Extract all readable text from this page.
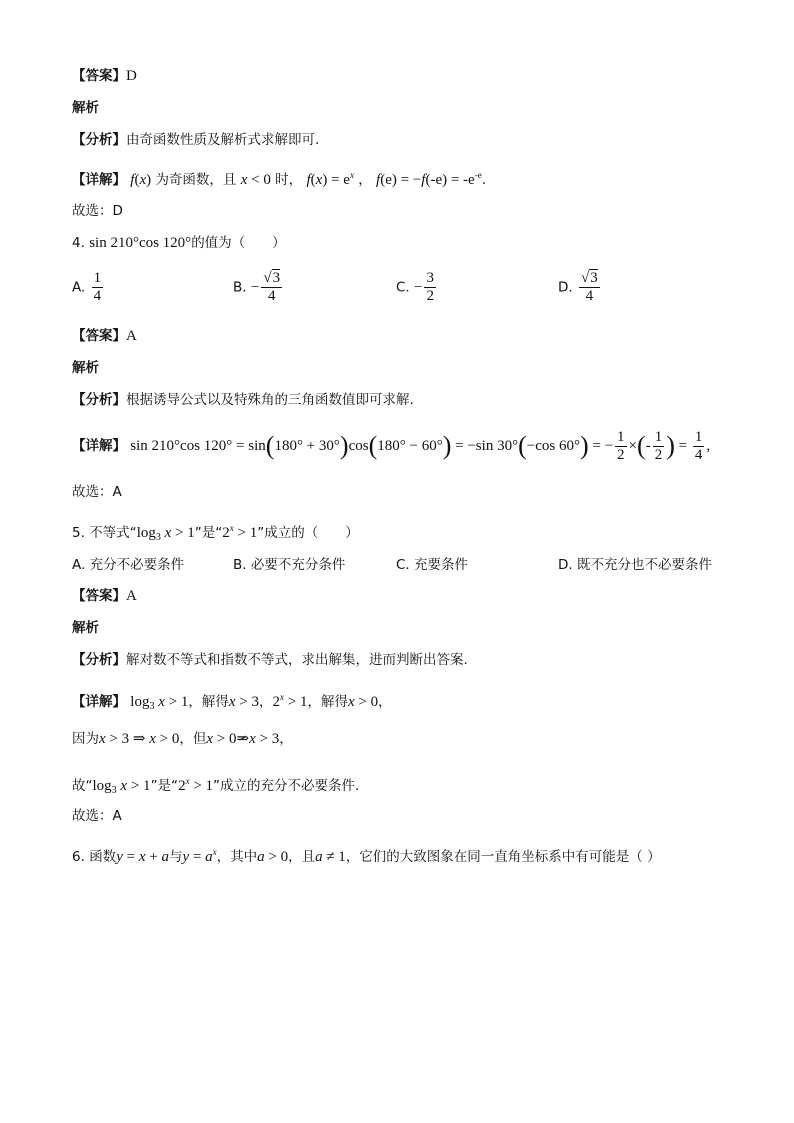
【答案】D
解析
【分析】由奇函数性质及解析式求解即可.
【详解】 f(x) 为奇函数，且 x < 0 时， $f(x) = e^x$ ， $f(e) = -f(-e) = -e^{-e}$.
故选：D
4. sin 210°cos 120°的值为（　　）
A. $\frac{1}{4}$	B. − $\frac{√3}{4}$	C. − $\frac{3}{2}$	D. $\frac{√3}{4}$
【答案】A
解析
【分析】根据诱导公式以及特殊角的三角函数值即可求解.
【详解】 sin 210°cos 120° = sin(180° + 30°)cos(180° − 60°) = −sin 30°(−cos 60°) = − $\frac{1}{2}$ ×(- $\frac{1}{2}$ ) = $\frac{1}{4}$ ,
故选：A
5. 不等式“$\log_3$ x > 1”是“$2^x > 1$”成立的（　　）
A. 充分不必要条件	B. 必要不充分条件	C. 充要条件	D. 既不充分也不必要条件
【答案】A
解析
【分析】解对数不等式和指数不等式，求出解集，进而判断出答案.
【详解】 $\log_3 x > 1$，解得x > 3，$2^x > 1$，解得x > 0，
因为x > 3 ⇒ x > 0，但x > 0⇒x > 3，
故“$\log_3$ x > 1”是“$2^x > 1$”成立的充分不必要条件.
故选：A
6. 函数y = x + a与$y = a^x$，其中a > 0，且a ≠ 1，它们的大致图象在同一直角坐标系中有可能是（ ）
